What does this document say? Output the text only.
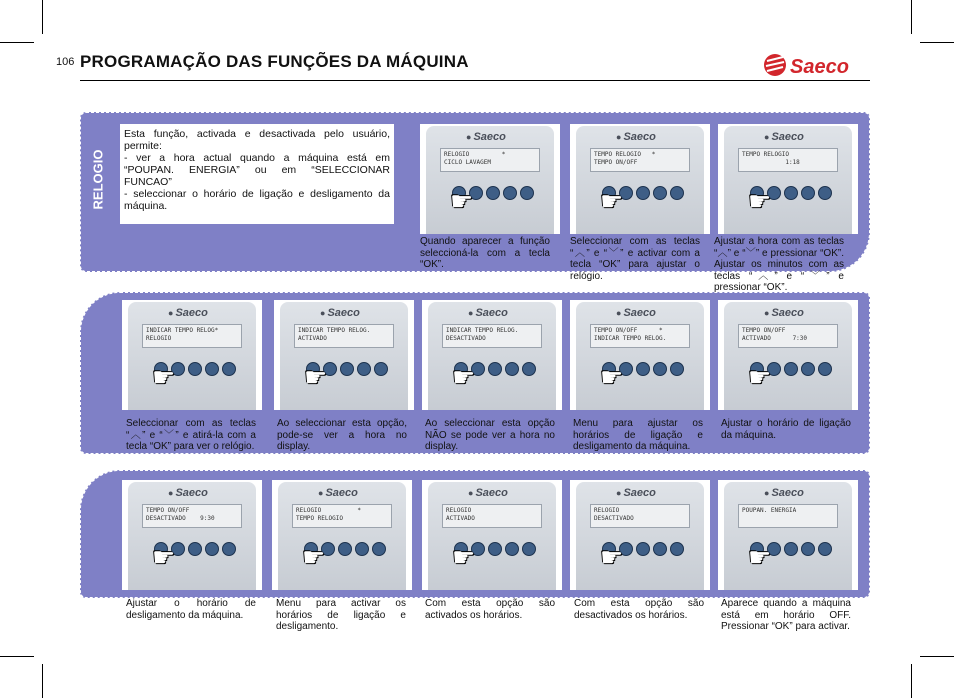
106 PROGRAMAÇÃO DAS FUNÇÕES DA MÁQUINA	Saeco
RELOGIO
Esta função, activada e desactivada pelo usuário, permite:
- ver a hora actual quando a máquina está em “POUPAN. ENERGIA” ou em “SELECCIONAR FUNCAO”
- seleccionar o horário de ligação e desligamento da máquina.
● Saeco
RELOGIO         *
CICLO LAVAGEM
☛
Quando aparecer a função seleccioná-la com a tecla “OK”.
● Saeco
TEMPO RELOGIO   *
TEMPO ON/OFF
☛
Seleccionar com as teclas “︿” e “﹀” e activar com a tecla “OK” para ajustar o relógio.
● Saeco
TEMPO RELOGIO
1:18
☛
Ajustar a hora com as teclas “︿” e “﹀” e pressionar “OK”. Ajustar os minutos com as teclas “︿” e “﹀” e pressionar “OK”.
● Saeco
INDICAR TEMPO RELOG*
RELOGIO
☛
Seleccionar com as teclas “︿” e “﹀” e atirá-la com a tecla “OK” para ver o relógio.
● Saeco
INDICAR TEMPO RELOG.
ACTIVADO
☛
Ao seleccionar esta opção, pode-se ver a hora no display.
● Saeco
INDICAR TEMPO RELOG.
DESACTIVADO
☛
Ao seleccionar esta opção NÃO se pode ver a hora no display.
● Saeco
TEMPO ON/OFF      *
INDICAR TEMPO RELOG.
☛
Menu para ajustar os horários de ligação e desligamento da máquina.
● Saeco
TEMPO ON/OFF
ACTIVADO      7:30
☛
Ajustar o horário de ligação da máquina.
● Saeco
TEMPO ON/OFF
DESACTIVADO    9:30
☛
Ajustar o horário de desligamento da máquina.
● Saeco
RELOGIO          *
TEMPO RELOGIO
☛
Menu para activar os horários de ligação e desligamento.
● Saeco
RELOGIO
ACTIVADO
☛
Com esta opção são activados os horários.
● Saeco
RELOGIO
DESACTIVADO
☛
Com esta opção são desactivados os horários.
● Saeco
POUPAN. ENERGIA
☛
Aparece quando a máquina está em horário OFF. Pressionar “OK” para activar.
